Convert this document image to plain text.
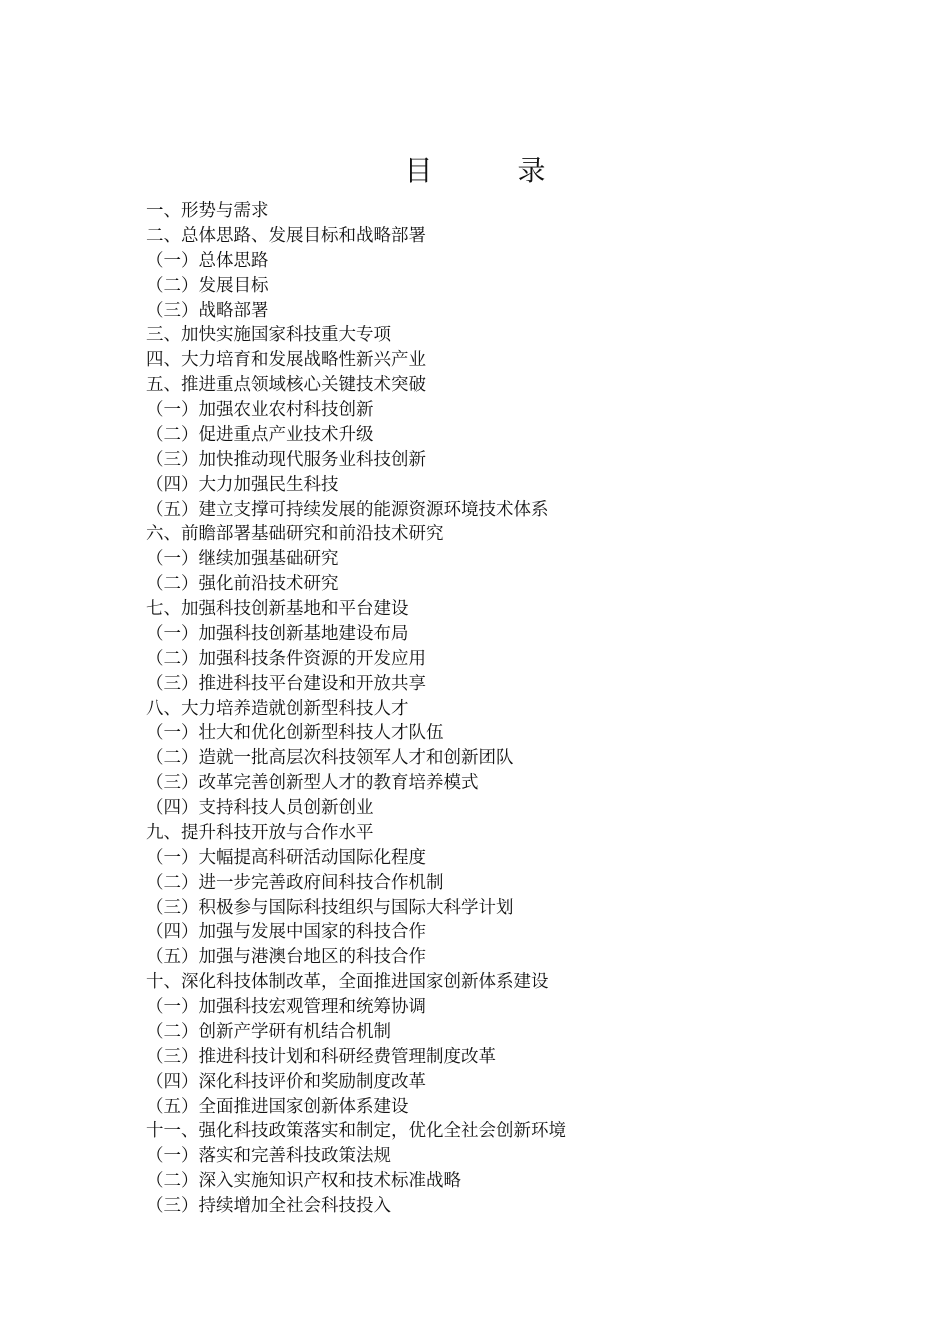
目 录
一、形势与需求
二、总体思路、发展目标和战略部署
（一）总体思路
（二）发展目标
（三）战略部署
三、加快实施国家科技重大专项
四、大力培育和发展战略性新兴产业
五、推进重点领域核心关键技术突破
（一）加强农业农村科技创新
（二）促进重点产业技术升级
（三）加快推动现代服务业科技创新
（四）大力加强民生科技
（五）建立支撑可持续发展的能源资源环境技术体系
六、前瞻部署基础研究和前沿技术研究
（一）继续加强基础研究
（二）强化前沿技术研究
七、加强科技创新基地和平台建设
（一）加强科技创新基地建设布局
（二）加强科技条件资源的开发应用
（三）推进科技平台建设和开放共享
八、大力培养造就创新型科技人才
（一）壮大和优化创新型科技人才队伍
（二）造就一批高层次科技领军人才和创新团队
（三）改革完善创新型人才的教育培养模式
（四）支持科技人员创新创业
九、提升科技开放与合作水平
（一）大幅提高科研活动国际化程度
（二）进一步完善政府间科技合作机制
（三）积极参与国际科技组织与国际大科学计划
（四）加强与发展中国家的科技合作
（五）加强与港澳台地区的科技合作
十、深化科技体制改革，全面推进国家创新体系建设
（一）加强科技宏观管理和统筹协调
（二）创新产学研有机结合机制
（三）推进科技计划和科研经费管理制度改革
（四）深化科技评价和奖励制度改革
（五）全面推进国家创新体系建设
十一、强化科技政策落实和制定，优化全社会创新环境
（一）落实和完善科技政策法规
（二）深入实施知识产权和技术标准战略
（三）持续增加全社会科技投入
